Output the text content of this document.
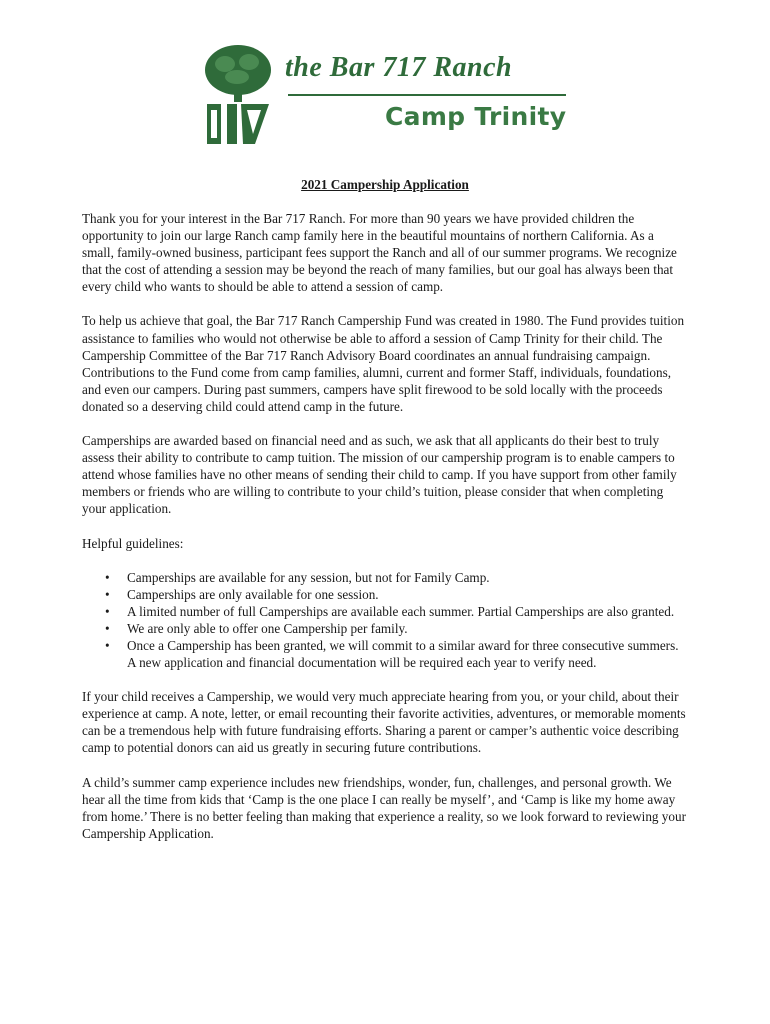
the Bar 717 Ranch
Camp Trinity
2021 Campership Application

Thank you for your interest in the Bar 717 Ranch. For more than 90 years we have provided children the opportunity to join our large Ranch camp family here in the beautiful mountains of northern California. As a small, family-owned business, participant fees support the Ranch and all of our summer programs. We recognize that the cost of attending a session may be beyond the reach of many families, but our goal has always been that every child who wants to should be able to attend a session of camp.

To help us achieve that goal, the Bar 717 Ranch Campership Fund was created in 1980. The Fund provides tuition assistance to families who would not otherwise be able to afford a session of Camp Trinity for their child. The Campership Committee of the Bar 717 Ranch Advisory Board coordinates an annual fundraising campaign. Contributions to the Fund come from camp families, alumni, current and former Staff, individuals, foundations, and even our campers. During past summers, campers have split firewood to be sold locally with the proceeds donated so a deserving child could attend camp in the future.

Camperships are awarded based on financial need and as such, we ask that all applicants do their best to truly assess their ability to contribute to camp tuition. The mission of our campership program is to enable campers to attend whose families have no other means of sending their child to camp. If you have support from other family members or friends who are willing to contribute to your child’s tuition, please consider that when completing your application.

Helpful guidelines:

• Camperships are available for any session, but not for Family Camp.
• Camperships are only available for one session.
• A limited number of full Camperships are available each summer. Partial Camperships are also granted.
• We are only able to offer one Campership per family.
• Once a Campership has been granted, we will commit to a similar award for three consecutive summers. A new application and financial documentation will be required each year to verify need.

If your child receives a Campership, we would very much appreciate hearing from you, or your child, about their experience at camp. A note, letter, or email recounting their favorite activities, adventures, or memorable moments can be a tremendous help with future fundraising efforts. Sharing a parent or camper’s authentic voice describing camp to potential donors can aid us greatly in securing future contributions.

A child’s summer camp experience includes new friendships, wonder, fun, challenges, and personal growth. We hear all the time from kids that ‘Camp is the one place I can really be myself’, and ‘Camp is like my home away from home.’ There is no better feeling than making that experience a reality, so we look forward to reviewing your Campership Application.
